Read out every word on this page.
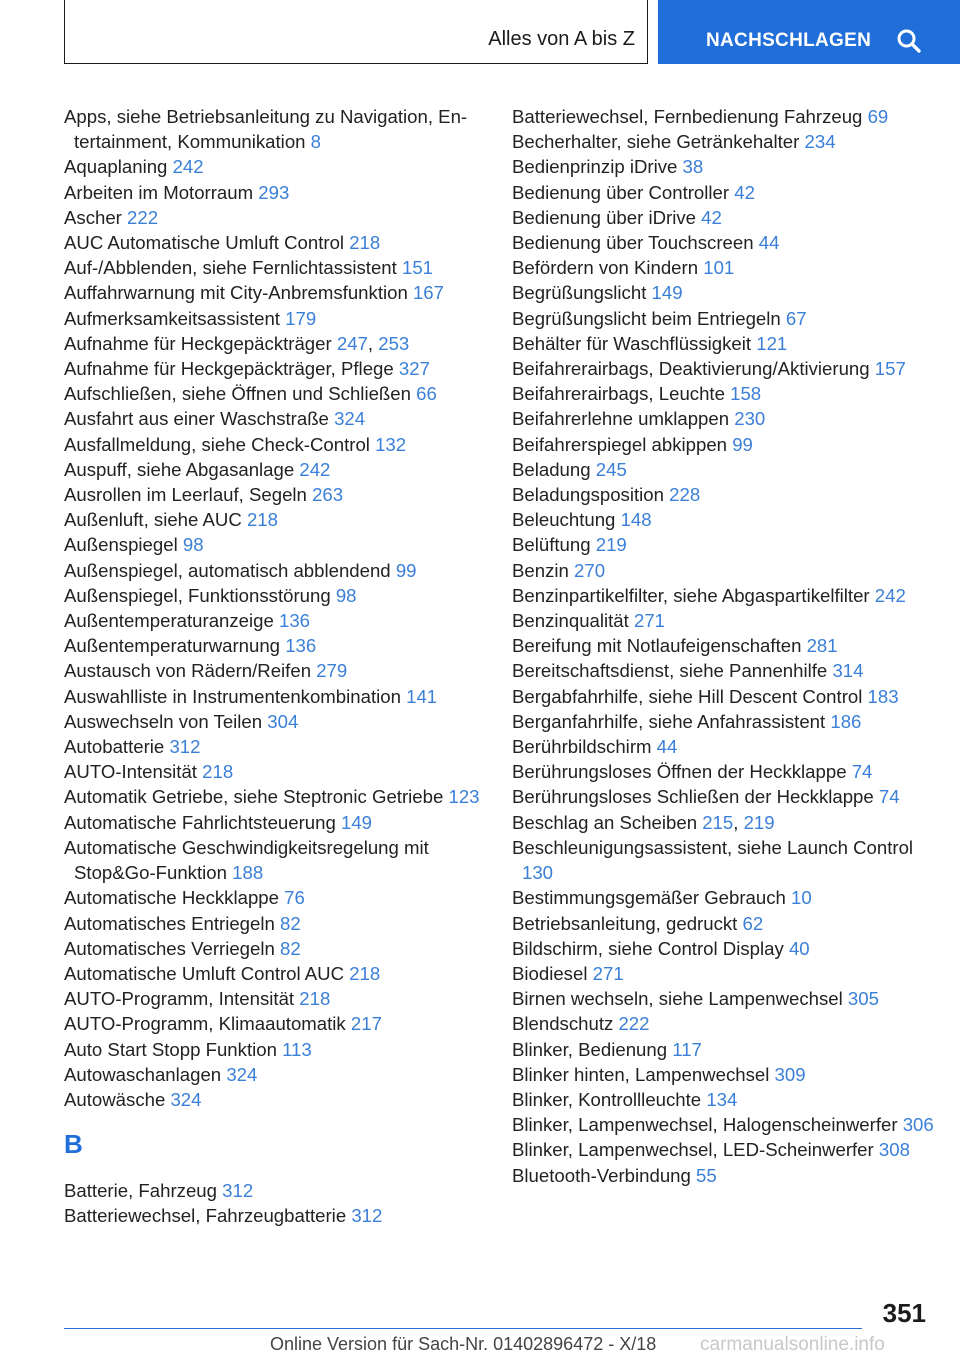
Alles von A bis Z	NACHSCHLAGEN
Apps, siehe Betriebsanleitung zu Navigation, Entertainment, Kommunikation 8
Aquaplaning 242
Arbeiten im Motorraum 293
Ascher 222
AUC Automatische Umluft Control 218
Auf-/Abblenden, siehe Fernlichtassistent 151
Auffahrwarnung mit City-Anbremsfunktion 167
Aufmerksamkeitsassistent 179
Aufnahme für Heckgepäckträger 247, 253
Aufnahme für Heckgepäckträger, Pflege 327
Aufschließen, siehe Öffnen und Schließen 66
Ausfahrt aus einer Waschstraße 324
Ausfallmeldung, siehe Check-Control 132
Auspuff, siehe Abgasanlage 242
Ausrollen im Leerlauf, Segeln 263
Außenluft, siehe AUC 218
Außenspiegel 98
Außenspiegel, automatisch abblendend 99
Außenspiegel, Funktionsstörung 98
Außentemperaturanzeige 136
Außentemperaturwarnung 136
Austausch von Rädern/Reifen 279
Auswahlliste in Instrumentenkombination 141
Auswechseln von Teilen 304
Autobatterie 312
AUTO-Intensität 218
Automatik Getriebe, siehe Steptronic Getriebe 123
Automatische Fahrlichtsteuerung 149
Automatische Geschwindigkeitsregelung mit Stop&Go-Funktion 188
Automatische Heckklappe 76
Automatisches Entriegeln 82
Automatisches Verriegeln 82
Automatische Umluft Control AUC 218
AUTO-Programm, Intensität 218
AUTO-Programm, Klimaautomatik 217
Auto Start Stopp Funktion 113
Autowaschanlagen 324
Autowäsche 324
B
Batterie, Fahrzeug 312
Batteriewechsel, Fahrzeugbatterie 312
Batteriewechsel, Fernbedienung Fahrzeug 69
Becherhalter, siehe Getränkehalter 234
Bedienprinzip iDrive 38
Bedienung über Controller 42
Bedienung über iDrive 42
Bedienung über Touchscreen 44
Befördern von Kindern 101
Begrüßungslicht 149
Begrüßungslicht beim Entriegeln 67
Behälter für Waschflüssigkeit 121
Beifahrerairbags, Deaktivierung/Aktivierung 157
Beifahrerairbags, Leuchte 158
Beifahrerlehne umklappen 230
Beifahrerspiegel abkippen 99
Beladung 245
Beladungsposition 228
Beleuchtung 148
Belüftung 219
Benzin 270
Benzinpartikelfilter, siehe Abgaspartikelfilter 242
Benzinqualität 271
Bereifung mit Notlaufeigenschaften 281
Bereitschaftsdienst, siehe Pannenhilfe 314
Bergabfahrhilfe, siehe Hill Descent Control 183
Berganfahrhilfe, siehe Anfahrassistent 186
Berührbildschirm 44
Berührungsloses Öffnen der Heckklappe 74
Berührungsloses Schließen der Heckklappe 74
Beschlag an Scheiben 215, 219
Beschleunigungsassistent, siehe Launch Control 130
Bestimmungsgemäßer Gebrauch 10
Betriebsanleitung, gedruckt 62
Bildschirm, siehe Control Display 40
Biodiesel 271
Birnen wechseln, siehe Lampenwechsel 305
Blendschutz 222
Blinker, Bedienung 117
Blinker hinten, Lampenwechsel 309
Blinker, Kontrollleuchte 134
Blinker, Lampenwechsel, Halogenscheinwerfer 306
Blinker, Lampenwechsel, LED-Scheinwerfer 308
Bluetooth-Verbindung 55
351
Online Version für Sach-Nr. 01402896472 - X/18 carmanualsonline.info
